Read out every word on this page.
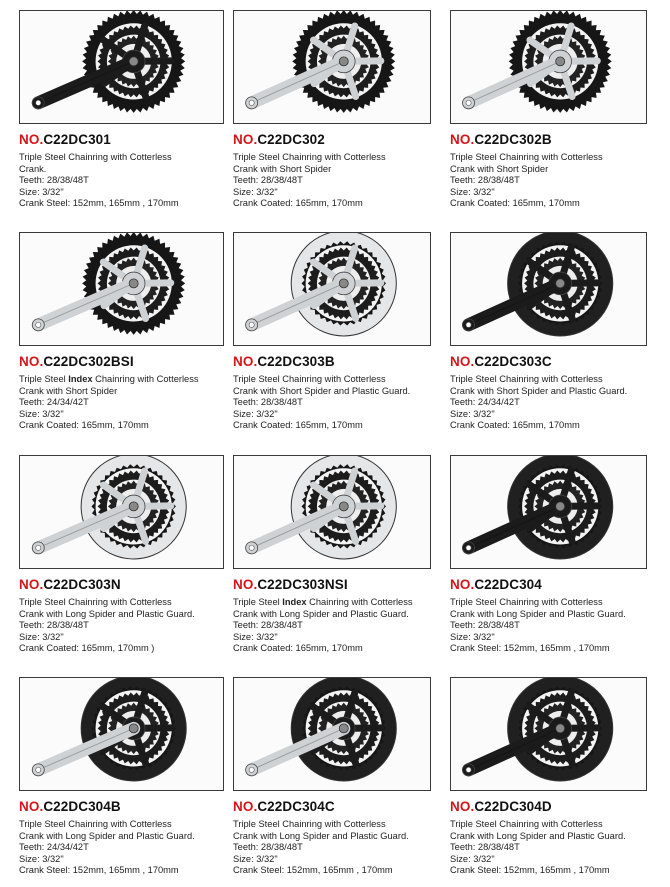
NO.C22DC301
Triple Steel Chainring with Cotterless
Crank.
Teeth: 28/38/48T
Size: 3/32"
Crank Steel: 152mm, 165mm , 170mm
NO.C22DC302
Triple Steel Chainring with Cotterless
Crank with Short Spider
Teeth: 28/38/48T
Size: 3/32"
Crank Coated: 165mm, 170mm
NO.C22DC302B
Triple Steel Chainring with Cotterless
Crank with Short Spider
Teeth: 28/38/48T
Size: 3/32"
Crank Coated: 165mm, 170mm
NO.C22DC302BSI
Triple Steel Index Chainring with Cotterless
Crank with Short Spider
Teeth: 24/34/42T
Size: 3/32"
Crank Coated: 165mm, 170mm
NO.C22DC303B
Triple Steel Chainring with Cotterless
Crank with Short Spider and Plastic Guard.
Teeth: 28/38/48T
Size: 3/32"
Crank Coated: 165mm, 170mm
NO.C22DC303C
Triple Steel Chainring with Cotterless
Crank with Short Spider and Plastic Guard.
Teeth: 24/34/42T
Size: 3/32"
Crank Coated: 165mm, 170mm
NO.C22DC303N
Triple Steel Chainring with Cotterless
Crank with Long Spider and Plastic Guard.
Teeth: 28/38/48T
Size: 3/32"
Crank Coated: 165mm, 170mm )
NO.C22DC303NSI
Triple Steel Index Chainring with Cotterless
Crank with Long Spider and Plastic Guard.
Teeth: 28/38/48T
Size: 3/32"
Crank Coated: 165mm, 170mm
NO.C22DC304
Triple Steel Chainring with Cotterless
Crank with Long Spider and Plastic Guard.
Teeth: 28/38/48T
Size: 3/32"
Crank Steel: 152mm, 165mm , 170mm
NO.C22DC304B
Triple Steel Chainring with Cotterless
Crank with Long Spider and Plastic Guard.
Teeth: 24/34/42T
Size: 3/32"
Crank Steel: 152mm, 165mm , 170mm
NO.C22DC304C
Triple Steel Chainring with Cotterless
Crank with Long Spider and Plastic Guard.
Teeth: 28/38/48T
Size: 3/32"
Crank Steel: 152mm, 165mm , 170mm
NO.C22DC304D
Triple Steel Chainring with Cotterless
Crank with Long Spider and Plastic Guard.
Teeth: 28/38/48T
Size: 3/32"
Crank Steel: 152mm, 165mm , 170mm
